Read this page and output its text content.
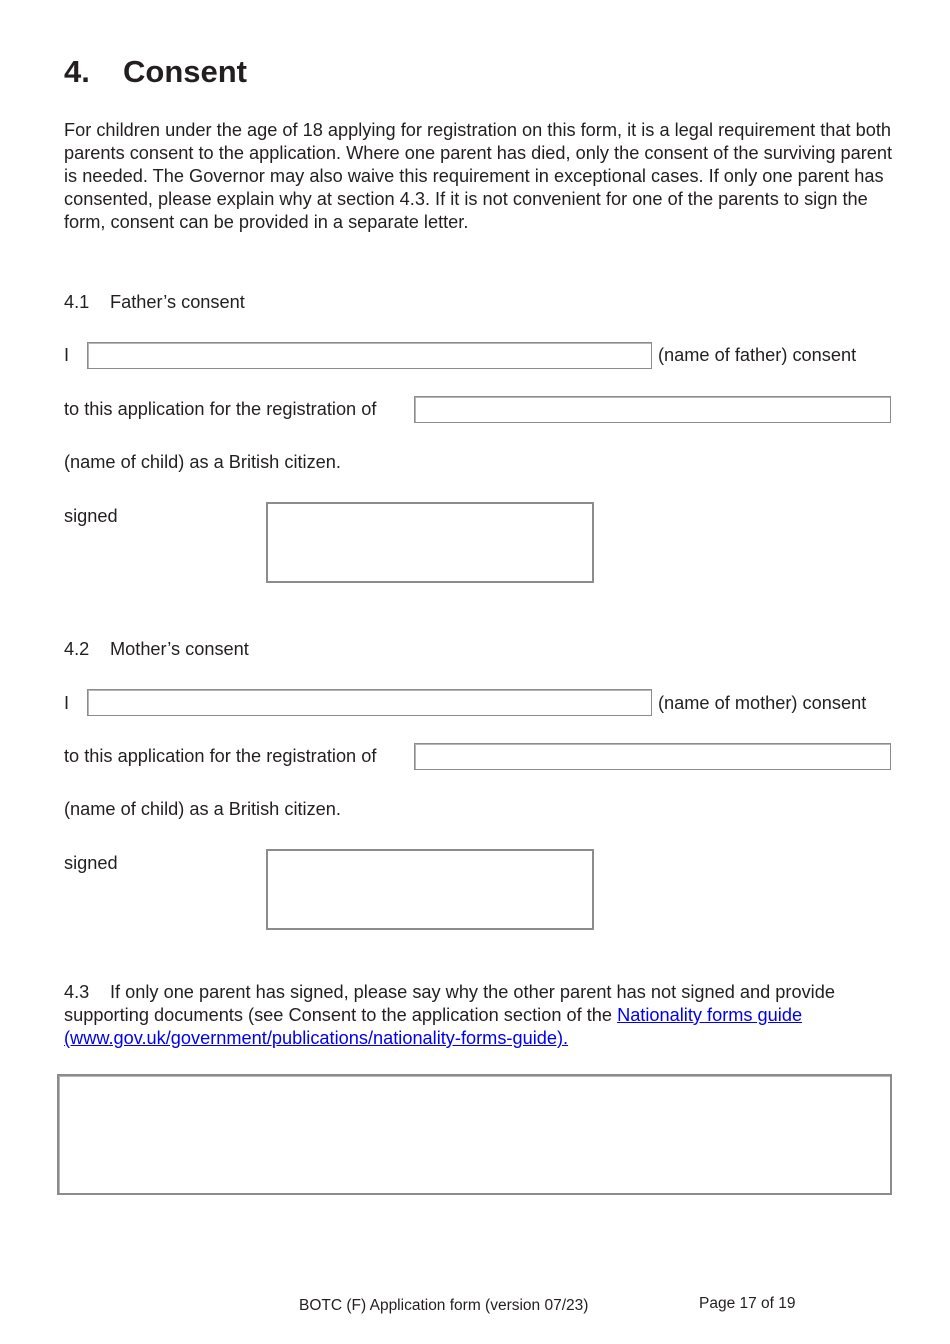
4. Consent

For children under the age of 18 applying for registration on this form, it is a legal requirement that both parents consent to the application. Where one parent has died, only the consent of the surviving parent is needed. The Governor may also waive this requirement in exceptional cases. If only one parent has consented, please explain why at section 4.3. If it is not convenient for one of the parents to sign the form, consent can be provided in a separate letter.

4.1 Father’s consent
I	(name of father) consent
to this application for the registration of
(name of child) as a British citizen.
signed
4.2 Mother’s consent
I	(name of mother) consent
to this application for the registration of
(name of child) as a British citizen.
signed

4.3 If only one parent has signed, please say why the other parent has not signed and provide supporting documents (see Consent to the application section of the Nationality forms guide (www.gov.uk/government/publications/nationality-forms-guide).

BOTC (F) Application form (version 07/23)	Page 17 of 19
